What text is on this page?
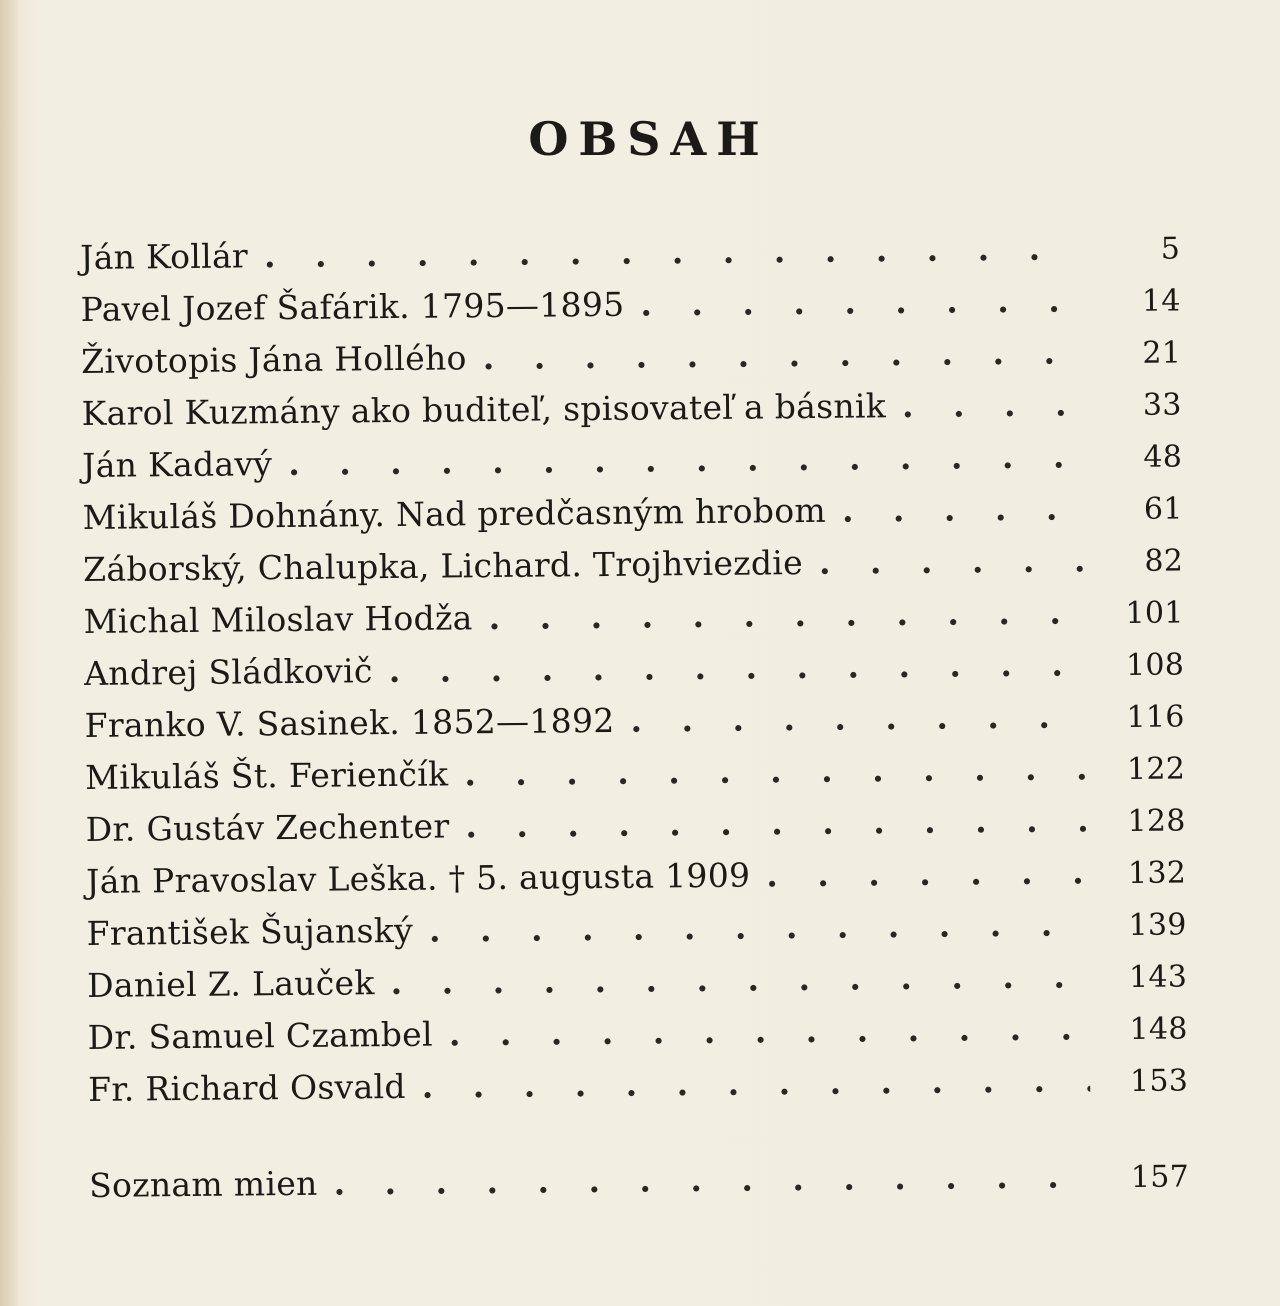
OBSAH
Ján Kollár . . .	5
Pavel Jozef Šafárik. 1795—1895 . . .	14
Životopis Jána Hollého . . .	21
Karol Kuzmány ako buditeľ, spisovateľ a básnik . . .	33
Ján Kadavý . . .	48
Mikuláš Dohnány. Nad predčasným hrobom . . .	61
Záborský, Chalupka, Lichard. Trojhviezdie . . .	82
Michal Miloslav Hodža . . .	101
Andrej Sládkovič . . .	108
Franko V. Sasinek. 1852—1892 . . .	116
Mikuláš Št. Ferienčík . . .	122
Dr. Gustáv Zechenter . . .	128
Ján Pravoslav Leška. † 5. augusta 1909 . . .	132
František Šujanský . . .	139
Daniel Z. Lauček . . .	143
Dr. Samuel Czambel . . .	148
Fr. Richard Osvald . . .	153
Soznam mien . . .	157
